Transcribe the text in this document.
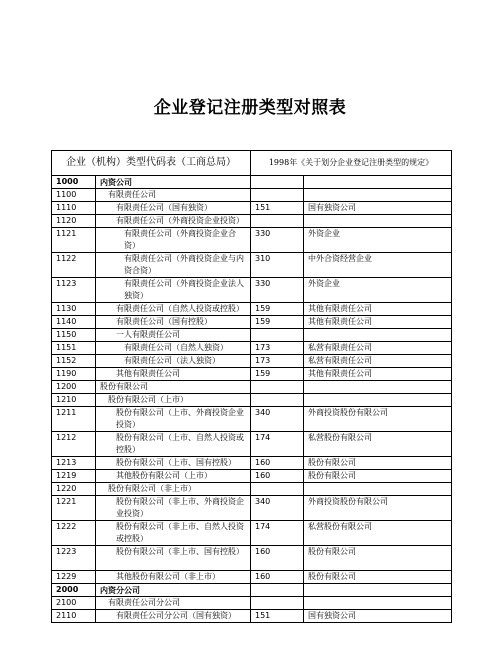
企业登记注册类型对照表
企业（机构）类型代码表（工商总局）		1998年《关于划分企业登记注册类型的规定》	
1000	内资公司		
1100	有限责任公司		

1110	有限责任公司（国有独资）	151	国有独资公司
1120	有限责任公司（外商投资企业投资）		

1121	有限责任公司（外商投资企业合资）	330	外资企业
1122	有限责任公司（外商投资企业与内资合资）	310	中外合资经营企业
1123	有限责任公司（外商投资企业法人独资）	330	外资企业
1130	有限责任公司（自然人投资或控股）	159	其他有限责任公司
1140	有限责任公司（国有控股）	159	其他有限责任公司
1150	一人有限责任公司		

1151	有限责任公司（自然人独资）	173	私营有限责任公司
1152	有限责任公司（法人独资）	173	私营有限责任公司
1190	其他有限责任公司	159	其他有限责任公司
1200	股份有限公司		
1210	股份有限公司（上市）		

1211	股份有限公司（上市、外商投资企业投资）	340	外商投资股份有限公司
1212	股份有限公司（上市、自然人投资或控股）	174	私营股份有限公司
1213	股份有限公司（上市、国有控股）	160	股份有限公司
1219	其他股份有限公司（上市）	160	股份有限公司
1220	股份有限公司（非上市）		

1221	股份有限公司（非上市、外商投资企业投资）	340	外商投资股份有限公司
1222	股份有限公司（非上市、自然人投资或控股）	174	私营股份有限公司
1223	股份有限公司（非上市、国有控股）	160	股份有限公司
1229	其他股份有限公司（非上市）	160	股份有限公司
2000	内资分公司		
2100	有限责任公司分公司		

2110	有限责任公司分公司（国有独资）	151	国有独资公司
